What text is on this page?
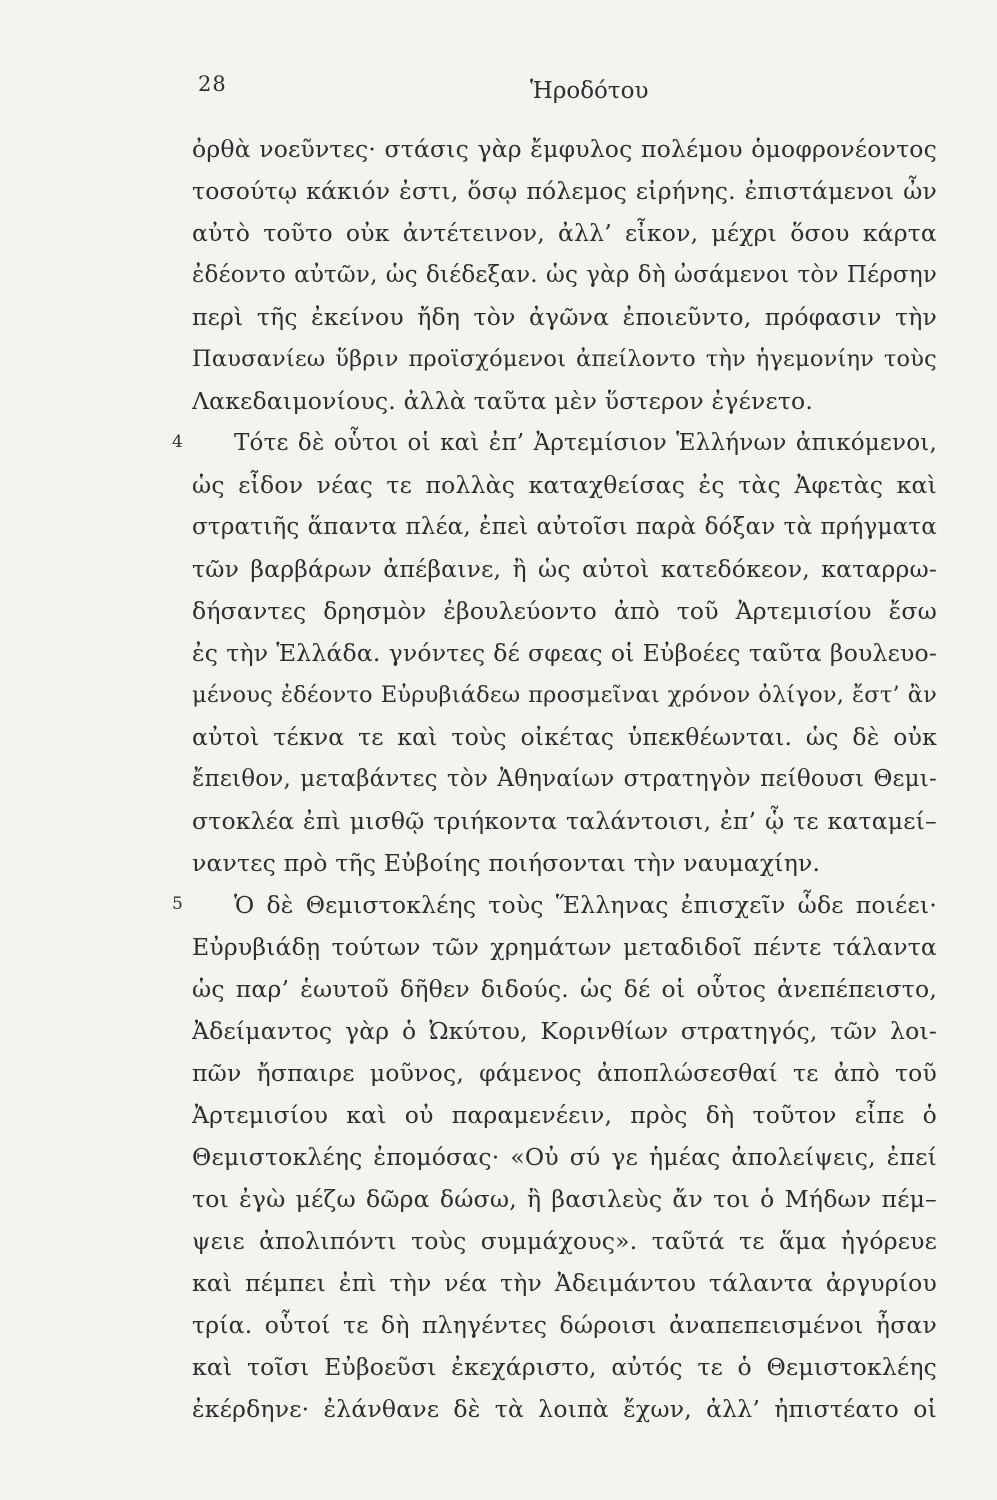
28	Ἡροδότου
ὀρθὰ νοεῦντες· στάσις γὰρ ἔμφυλος πολέμου ὁμοφρονέοντος
τοσούτῳ κάκιόν ἐστι, ὅσῳ πόλεμος εἰρήνης. ἐπιστάμενοι ὦν
αὐτὸ τοῦτο οὐκ ἀντέτεινον, ἀλλ’ εἶκον, μέχρι ὅσου κάρτα
ἐδέοντο αὐτῶν, ὡς διέδεξαν. ὡς γὰρ δὴ ὠσάμενοι τὸν Πέρσην
περὶ τῆς ἐκείνου ἤδη τὸν ἀγῶνα ἐποιεῦντο, πρόφασιν τὴν
Παυσανίεω ὕβριν προϊσχόμενοι ἀπείλοντο τὴν ἡγεμονίην τοὺς
Λακεδαιμονίους. ἀλλὰ ταῦτα μὲν ὕστερον ἐγένετο.
4 Τότε δὲ οὗτοι οἱ καὶ ἐπ’ Ἀρτεμίσιον Ἑλλήνων ἀπικόμενοι,
ὡς εἶδον νέας τε πολλὰς καταχθείσας ἐς τὰς Ἀφετὰς καὶ
στρατιῆς ἅπαντα πλέα, ἐπεὶ αὐτοῖσι παρὰ δόξαν τὰ πρήγματα
τῶν βαρβάρων ἀπέβαινε, ἢ ὡς αὐτοὶ κατεδόκεον, καταρρω-
δήσαντες δρησμὸν ἐβουλεύοντο ἀπὸ τοῦ Ἀρτεμισίου ἔσω
ἐς τὴν Ἑλλάδα. γνόντες δέ σφεας οἱ Εὐβοέες ταῦτα βουλευο-
μένους ἐδέοντο Εὐρυβιάδεω προσμεῖναι χρόνον ὀλίγον, ἔστ’ ἂν
αὐτοὶ τέκνα τε καὶ τοὺς οἰκέτας ὑπεκθέωνται. ὡς δὲ οὐκ
ἔπειθον, μεταβάντες τὸν Ἀθηναίων στρατηγὸν πείθουσι Θεμι-
στοκλέα ἐπὶ μισθῷ τριήκοντα ταλάντοισι, ἐπ’ ᾧ τε καταμεί–
ναντες πρὸ τῆς Εὐβοίης ποιήσονται τὴν ναυμαχίην.
5 Ὁ δὲ Θεμιστοκλέης τοὺς Ἕλληνας ἐπισχεῖν ὧδε ποιέει·
Εὐρυβιάδῃ τούτων τῶν χρημάτων μεταδιδοῖ πέντε τάλαντα
ὡς παρ’ ἑωυτοῦ δῆθεν διδούς. ὡς δέ οἱ οὗτος ἀνεπέπειστο,
Ἀδείμαντος γὰρ ὁ Ὠκύτου, Κορινθίων στρατηγός, τῶν λοι-
πῶν ἤσπαιρε μοῦνος, φάμενος ἀποπλώσεσθαί τε ἀπὸ τοῦ
Ἀρτεμισίου καὶ οὐ παραμενέειν, πρὸς δὴ τοῦτον εἶπε ὁ
Θεμιστοκλέης ἐπομόσας· «Οὐ σύ γε ἡμέας ἀπολείψεις, ἐπεί
τοι ἐγὼ μέζω δῶρα δώσω, ἢ βασιλεὺς ἄν τοι ὁ Μήδων πέμ–
ψειε ἀπολιπόντι τοὺς συμμάχους». ταῦτά τε ἅμα ἠγόρευε
καὶ πέμπει ἐπὶ τὴν νέα τὴν Ἀδειμάντου τάλαντα ἀργυρίου
τρία. οὗτοί τε δὴ πληγέντες δώροισι ἀναπεπεισμένοι ἦσαν
καὶ τοῖσι Εὐβοεῦσι ἐκεχάριστο, αὐτός τε ὁ Θεμιστοκλέης
ἐκέρδηνε· ἐλάνθανε δὲ τὰ λοιπὰ ἔχων, ἀλλ’ ἠπιστέατο οἱ
